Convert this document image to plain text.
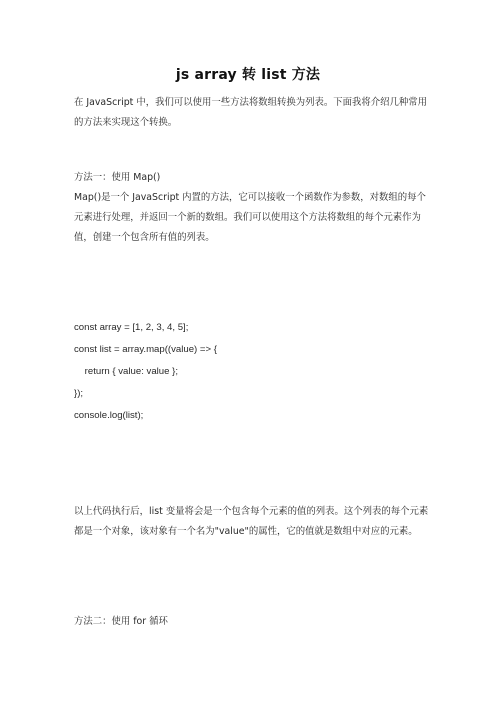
js array 转 list 方法
在 JavaScript 中，我们可以使用一些方法将数组转换为列表。下面我将介绍几种常用的方法来实现这个转换。
方法一：使用 Map()
Map()是一个 JavaScript 内置的方法，它可以接收一个函数作为参数，对数组的每个元素进行处理，并返回一个新的数组。我们可以使用这个方法将数组的每个元素作为值，创建一个包含所有值的列表。
const array = [1, 2, 3, 4, 5];
const list = array.map((value) => {
return { value: value };
});
console.log(list);
以上代码执行后，list 变量将会是一个包含每个元素的值的列表。这个列表的每个元素都是一个对象，该对象有一个名为"value"的属性，它的值就是数组中对应的元素。
方法二：使用 for 循环
